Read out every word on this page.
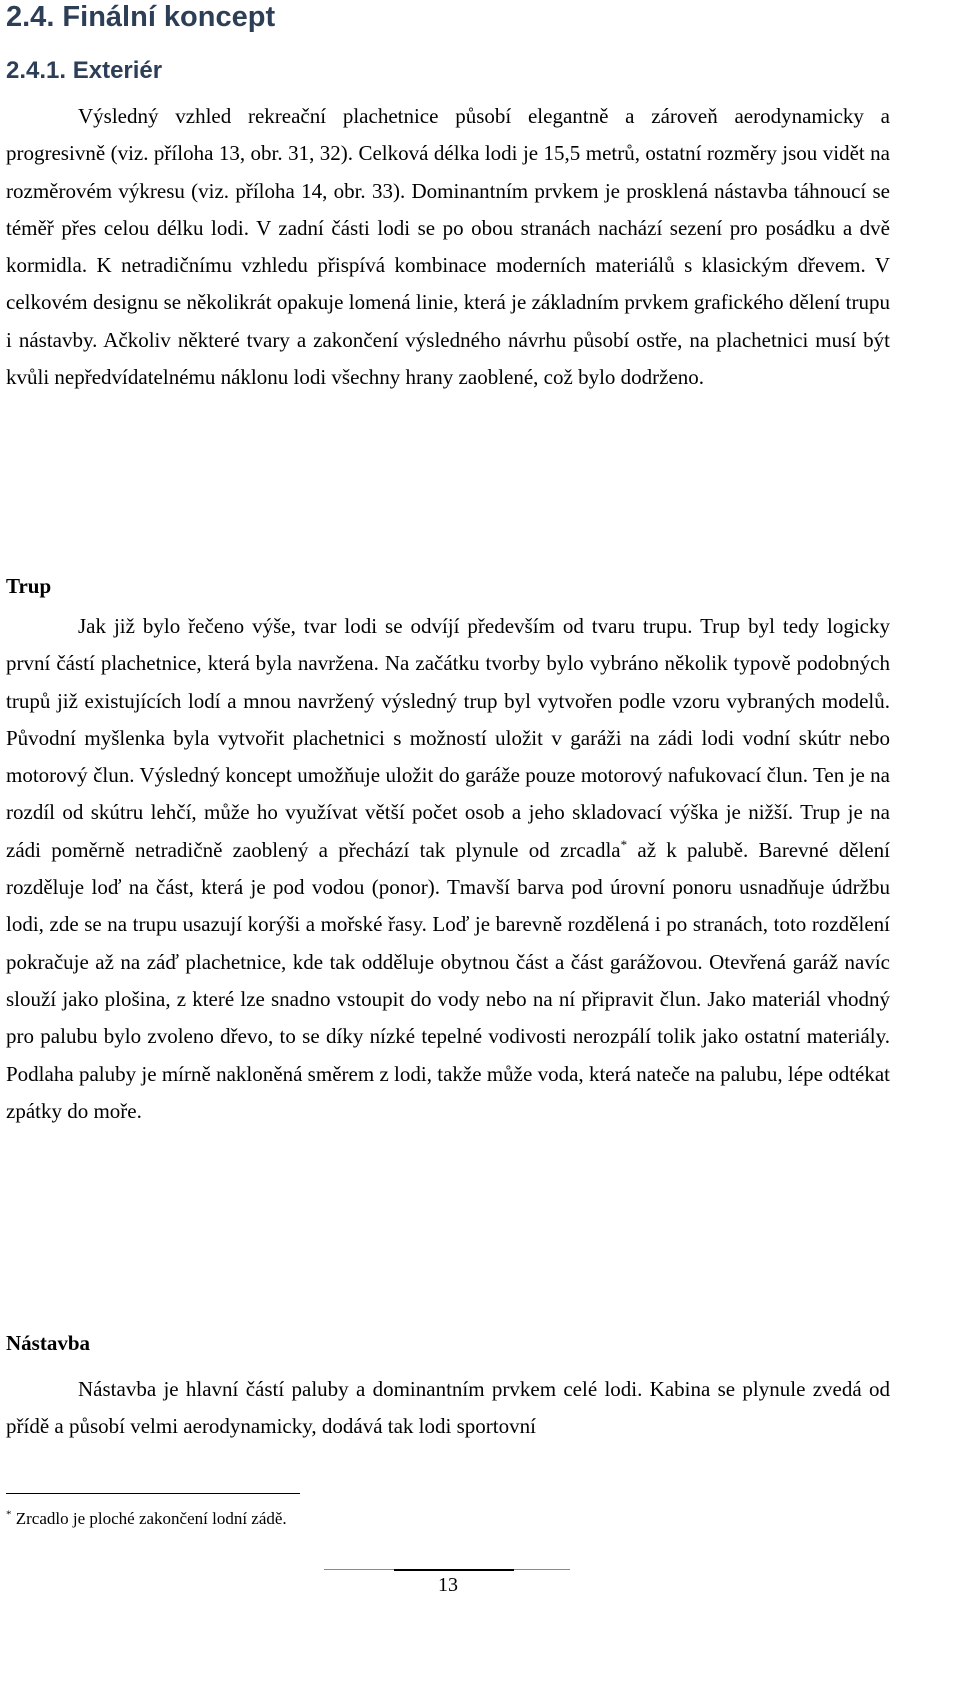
2.4. Finální koncept
2.4.1. Exteriér

Výsledný vzhled rekreační plachetnice působí elegantně a zároveň aerodynamicky a progresivně (viz. příloha 13, obr. 31, 32). Celková délka lodi je 15,5 metrů, ostatní rozměry jsou vidět na rozměrovém výkresu (viz. příloha 14, obr. 33). Dominantním prvkem je prosklená nástavba táhnoucí se téměř přes celou délku lodi. V zadní části lodi se po obou stranách nachází sezení pro posádku a dvě kormidla. K netradičnímu vzhledu přispívá kombinace moderních materiálů s klasickým dřevem. V celkovém designu se několikrát opakuje lomená linie, která je základním prvkem grafického dělení trupu i nástavby. Ačkoliv některé tvary a zakončení výsledného návrhu působí ostře, na plachetnici musí být kvůli nepředvídatelnému náklonu lodi všechny hrany zaoblené, což bylo dodrženo.

Trup

Jak již bylo řečeno výše, tvar lodi se odvíjí především od tvaru trupu. Trup byl tedy logicky první částí plachetnice, která byla navržena. Na začátku tvorby bylo vybráno několik typově podobných trupů již existujících lodí a mnou navržený výsledný trup byl vytvořen podle vzoru vybraných modelů. Původní myšlenka byla vytvořit plachetnici s možností uložit v garáži na zádi lodi vodní skútr nebo motorový člun. Výsledný koncept umožňuje uložit do garáže pouze motorový nafukovací člun. Ten je na rozdíl od skútru lehčí, může ho využívat větší počet osob a jeho skladovací výška je nižší. Trup je na zádi poměrně netradičně zaoblený a přechází tak plynule od zrcadla* až k palubě. Barevné dělení rozděluje loď na část, která je pod vodou (ponor). Tmavší barva pod úrovní ponoru usnadňuje údržbu lodi, zde se na trupu usazují korýši a mořské řasy. Loď je barevně rozdělená i po stranách, toto rozdělení pokračuje až na záď plachetnice, kde tak odděluje obytnou část a část garážovou. Otevřená garáž navíc slouží jako plošina, z které lze snadno vstoupit do vody nebo na ní připravit člun. Jako materiál vhodný pro palubu bylo zvoleno dřevo, to se díky nízké tepelné vodivosti nerozpálí tolik jako ostatní materiály. Podlaha paluby je mírně nakloněná směrem z lodi, takže může voda, která nateče na palubu, lépe odtékat zpátky do moře.

Nástavba

Nástavba je hlavní částí paluby a dominantním prvkem celé lodi. Kabina se plynule zvedá od přídě a působí velmi aerodynamicky, dodává tak lodi sportovní

* Zrcadlo je ploché zakončení lodní zádě.

13
